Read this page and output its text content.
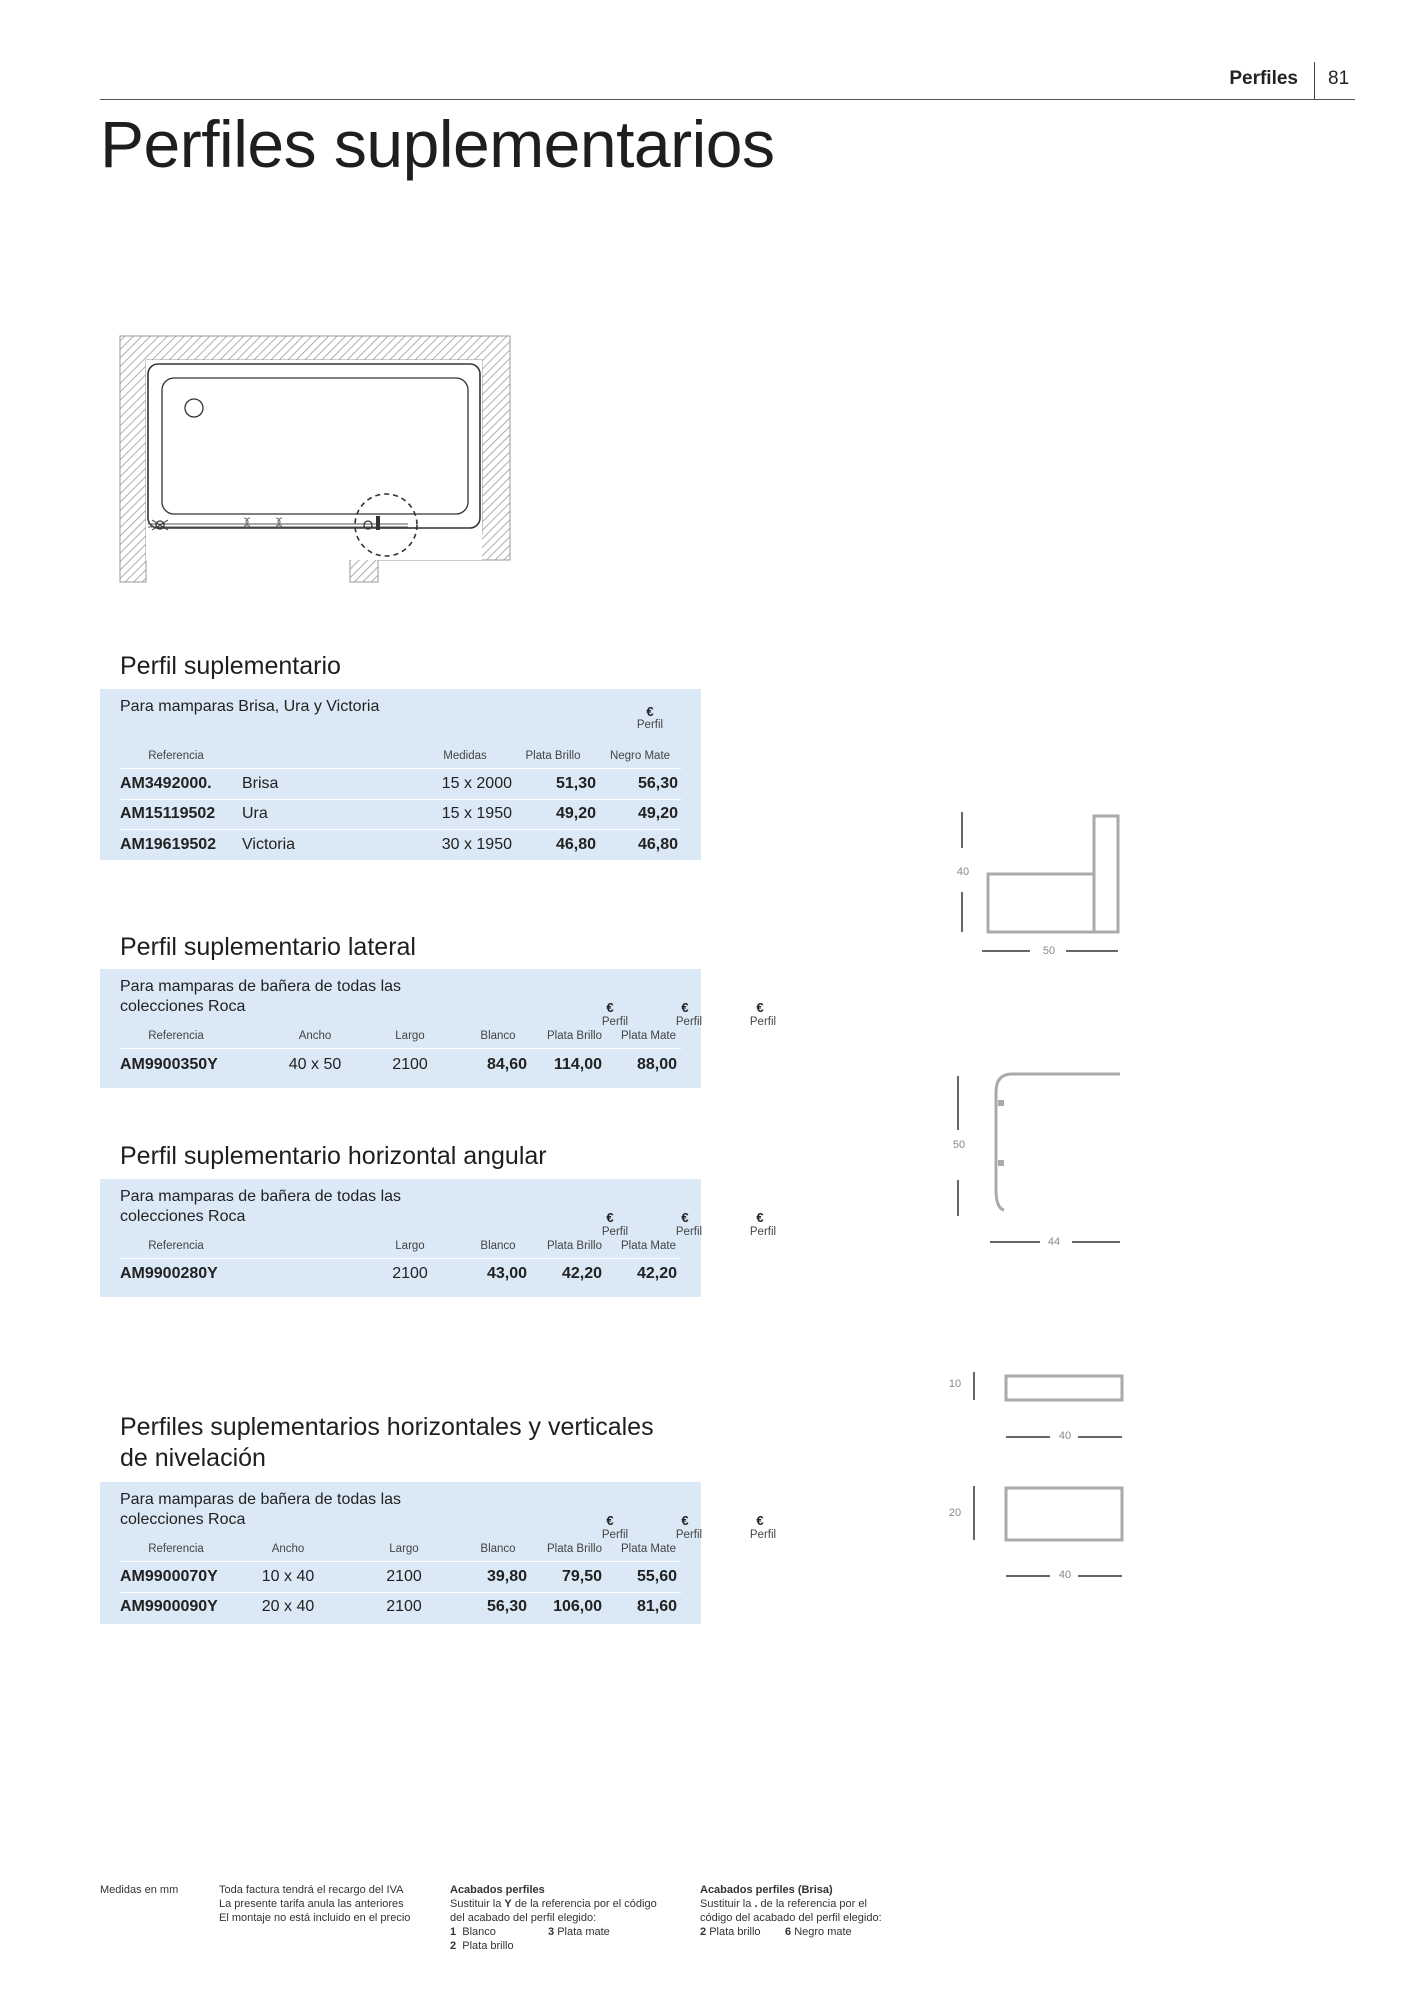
Perfiles 81
Perfiles suplementarios
Perfil suplementario
Para mamparas Brisa, Ura y Victoria	€
Perfil
Referencia	Medidas	Plata Brillo	Negro Mate
AM3492000. Brisa	15 x 2000	51,30	56,30
AM15119502 Ura	15 x 1950	49,20	49,20
AM19619502 Victoria	30 x 1950	46,80	46,80
Perfil suplementario lateral
Para mamparas de bañera de todas las colecciones Roca	€	€	€
Perfil	Perfil	Perfil
Referencia	Ancho	Largo	Blanco	Plata Brillo	Plata Mate
AM9900350Y	40 x 50	2100	84,60	114,00	88,00
Perfil suplementario horizontal angular
Para mamparas de bañera de todas las colecciones Roca	€	€	€
Perfil	Perfil	Perfil
Referencia	Largo	Blanco	Plata Brillo	Plata Mate
AM9900280Y	2100	43,00	42,20	42,20
Perfiles suplementarios horizontales y verticales de nivelación
Para mamparas de bañera de todas las colecciones Roca	€	€	€
Perfil	Perfil	Perfil
Referencia	Ancho	Largo	Blanco	Plata Brillo	Plata Mate
AM9900070Y	10 x 40	2100	39,80	79,50	55,60
AM9900090Y	20 x 40	2100	56,30	106,00	81,60
40
50
50
44
10
40
20
40
Medidas en mm	Toda factura tendrá el recargo del IVA
La presente tarifa anula las anteriores
El montaje no está incluido en el precio
Acabados perfiles
Sustituir la Y de la referencia por el código
del acabado del perfil elegido:
1 Blanco	3 Plata mate
2 Plata brillo
Acabados perfiles (Brisa)
Sustituir la . de la referencia por el
código del acabado del perfil elegido:
2 Plata brillo 6 Negro mate
